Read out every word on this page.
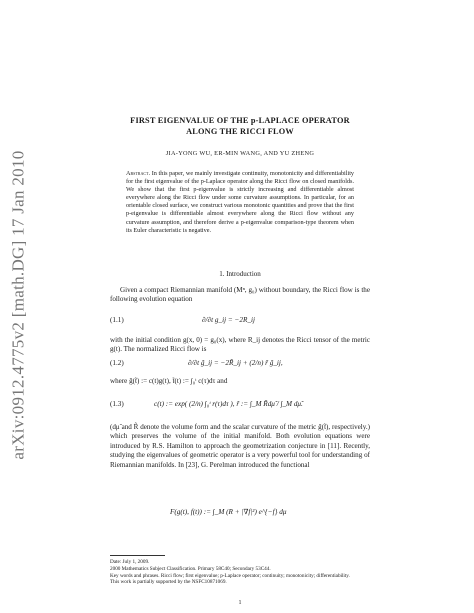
arXiv:0912.4775v2 [math.DG] 17 Jan 2010
FIRST EIGENVALUE OF THE p-LAPLACE OPERATOR
ALONG THE RICCI FLOW
JIA-YONG WU, ER-MIN WANG, AND YU ZHENG
Abstract. In this paper, we mainly investigate continuity, monotonicity and differentiability for the first eigenvalue of the p-Laplace operator along the Ricci flow on closed manifolds. We show that the first p-eigenvalue is strictly increasing and differentiable almost everywhere along the Ricci flow under some curvature assumptions. In particular, for an orientable closed surface, we construct various monotonic quantities and prove that the first p-eigenvalue is differentiable almost everywhere along the Ricci flow without any curvature assumption, and therefore derive a p-eigenvalue comparison-type theorem when its Euler characteristic is negative.
1. Introduction
Given a compact Riemannian manifold (Mⁿ, g₀) without boundary, the Ricci flow is the following evolution equation
(1.1)	∂/∂t g_ij = −2R_ij
with the initial condition g(x, 0) = g₀(x), where R_ij denotes the Ricci tensor of the metric g(t). The normalized Ricci flow is
(1.2)	∂/∂t g̃_ij = −2R̃_ij + (2/n) r̃ g̃_ij,
where g̃(t̃) := c(t)g(t), t̃(t) := ∫₀ᵗ c(τ)dτ and
(1.3)	c(t) := exp( (2/n) ∫₀ᵗ r(τ)dτ ), r̃ := ∫_M R̃dμ̃ / ∫_M dμ̃.
(dμ̃ and R̃ denote the volume form and the scalar curvature of the metric g̃(t̃), respectively.) which preserves the volume of the initial manifold. Both evolution equations were introduced by R.S. Hamilton to approach the geometrization conjecture in [11]. Recently, studying the eigenvalues of geometric operator is a very powerful tool for understanding of Riemannian manifolds. In [23], G. Perelman introduced the functional
F(g(t), f(t)) := ∫_M (R + |∇f|²) e^{−f} dμ
Date: July 1, 2009.
2000 Mathematics Subject Classification. Primary 58C40; Secondary 53C44.
Key words and phrases. Ricci flow; first eigenvalue; p-Laplace operator; continuity; monotonicity; differentiability.
This work is partially supported by the NSFC10871069.
1
